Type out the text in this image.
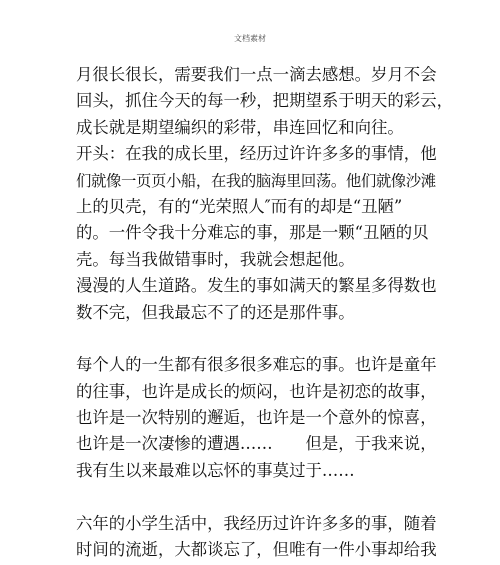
文档素材
月很长很长，需要我们一点一滴去感想。岁月不会
回头，抓住今天的每一秒，把期望系于明天的彩云，
成长就是期望编织的彩带，串连回忆和向往。
开头：在我的成长里，经历过许许多多的事情，他
们就像一页页小船，在我的脑海里回荡。他们就像沙滩
上的贝壳，有的“光荣照人″而有的却是“丑陋”
的。一件令我十分难忘的事，那是一颗“丑陋的贝
壳。每当我做错事时，我就会想起他。
漫漫的人生道路。发生的事如满天的繁星多得数也
数不完，但我最忘不了的还是那件事。
每个人的一生都有很多很多难忘的事。也许是童年
的往事，也许是成长的烦闷，也许是初恋的故事，
也许是一次特别的邂逅，也许是一个意外的惊喜，
也许是一次凄惨的遭遇……　　但是，于我来说，
我有生以来最难以忘怀的事莫过于……
六年的小学生活中，我经历过许许多多的事，随着
时间的流逝，大都谈忘了，但唯有一件小事却给我
